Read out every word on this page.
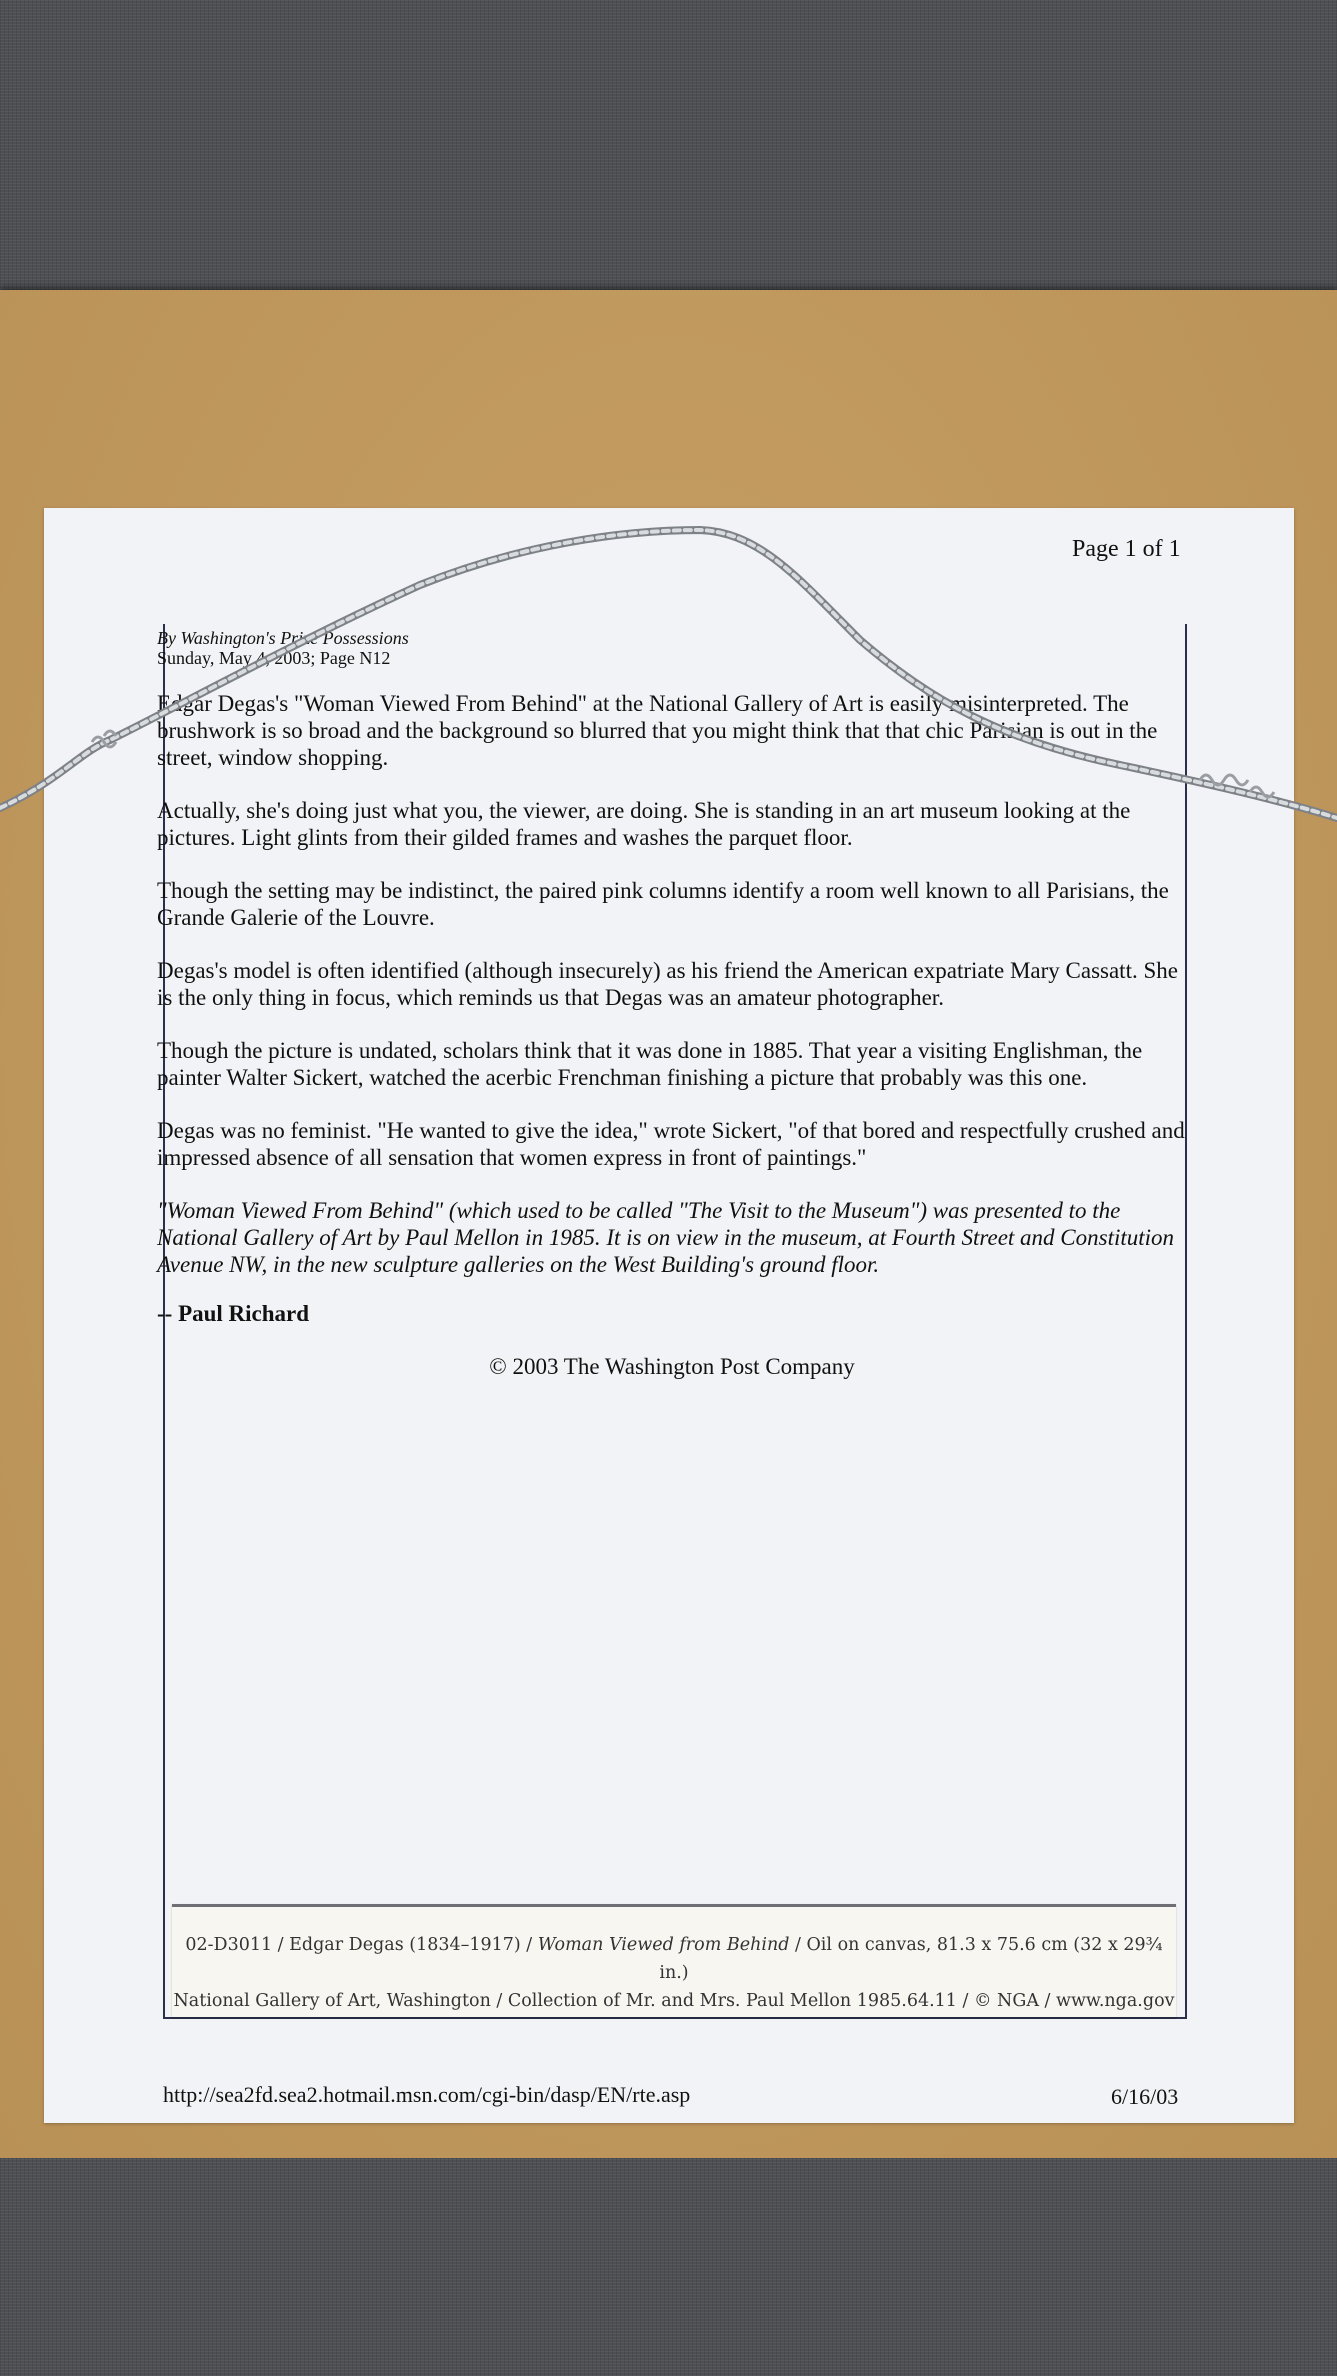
Page 1 of 1
By Washington's Prize Possessions
Sunday, May 4, 2003; Page N12

Edgar Degas's "Woman Viewed From Behind" at the National Gallery of Art is easily misinterpreted. The brushwork is so broad and the background so blurred that you might think that that chic Parisian is out in the street, window shopping.

Actually, she's doing just what you, the viewer, are doing. She is standing in an art museum looking at the pictures. Light glints from their gilded frames and washes the parquet floor.

Though the setting may be indistinct, the paired pink columns identify a room well known to all Parisians, the Grande Galerie of the Louvre.

Degas's model is often identified (although insecurely) as his friend the American expatriate Mary Cassatt. She is the only thing in focus, which reminds us that Degas was an amateur photographer.

Though the picture is undated, scholars think that it was done in 1885. That year a visiting Englishman, the painter Walter Sickert, watched the acerbic Frenchman finishing a picture that probably was this one.

Degas was no feminist. "He wanted to give the idea," wrote Sickert, "of that bored and respectfully crushed and impressed absence of all sensation that women express in front of paintings."

"Woman Viewed From Behind" (which used to be called "The Visit to the Museum") was presented to the National Gallery of Art by Paul Mellon in 1985. It is on view in the museum, at Fourth Street and Constitution Avenue NW, in the new sculpture galleries on the West Building's ground floor.

-- Paul Richard

© 2003 The Washington Post Company

02-D3011 / Edgar Degas (1834–1917) / Woman Viewed from Behind / Oil on canvas, 81.3 x 75.6 cm (32 x 29¾ in.)
National Gallery of Art, Washington / Collection of Mr. and Mrs. Paul Mellon 1985.64.11 / © NGA / www.nga.gov
http://sea2fd.sea2.hotmail.msn.com/cgi-bin/dasp/EN/rte.asp	6/16/03
